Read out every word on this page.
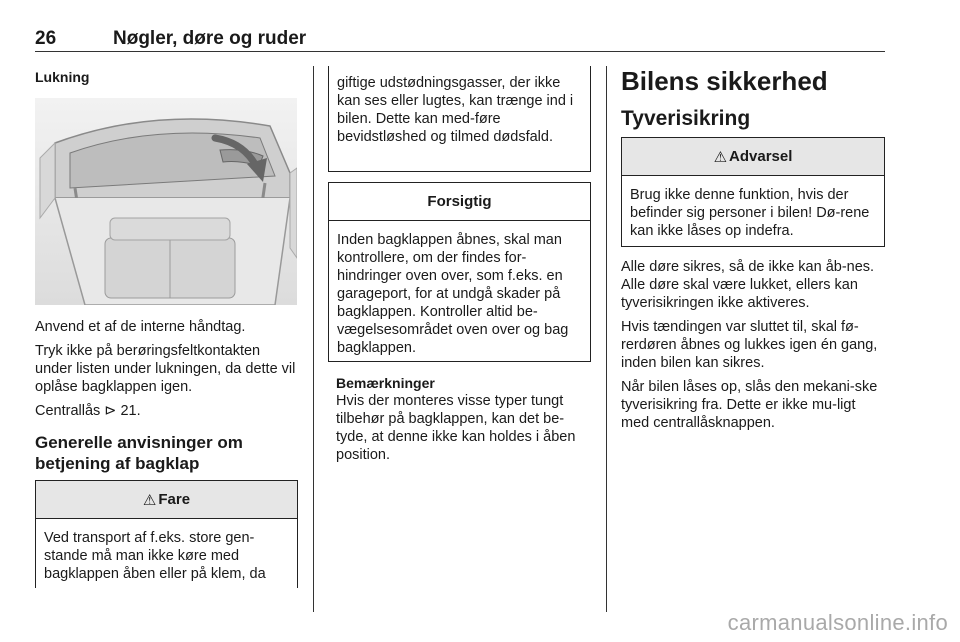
26	Nøgler, døre og ruder

Lukning

Anvend et af de interne håndtag.

Tryk ikke på berøringsfeltkontakten under listen under lukningen, da dette vil oplåse bagklappen igen.

Centrallås ⊳ 21.

Generelle anvisninger om betjening af bagklap

⚠ Fare
Ved transport af f.eks. store gen-stande må man ikke køre med bagklappen åben eller på klem, da
giftige udstødningsgasser, der ikke kan ses eller lugtes, kan trænge ind i bilen. Dette kan med-føre bevidstløshed og tilmed dødsfald.
Forsigtig
Inden bagklappen åbnes, skal man kontrollere, om der findes for-hindringer oven over, som f.eks. en garageport, for at undgå skader på bagklappen. Kontroller altid be-vægelsesområdet oven over og bag bagklappen.

Bemærkninger

Hvis der monteres visse typer tungt tilbehør på bagklappen, kan det be-tyde, at denne ikke kan holdes i åben position.

Bilens sikkerhed

Tyverisikring

⚠ Advarsel
Brug ikke denne funktion, hvis der befinder sig personer i bilen! Dø-rene kan ikke låses op indefra.

Alle døre sikres, så de ikke kan åb-nes. Alle døre skal være lukket, ellers kan tyverisikringen ikke aktiveres.

Hvis tændingen var sluttet til, skal fø-rerdøren åbnes og lukkes igen én gang, inden bilen kan sikres.

Når bilen låses op, slås den mekani-ske tyverisikring fra. Dette er ikke mu-ligt med centrallåsknappen.

carmanualsonline.info
